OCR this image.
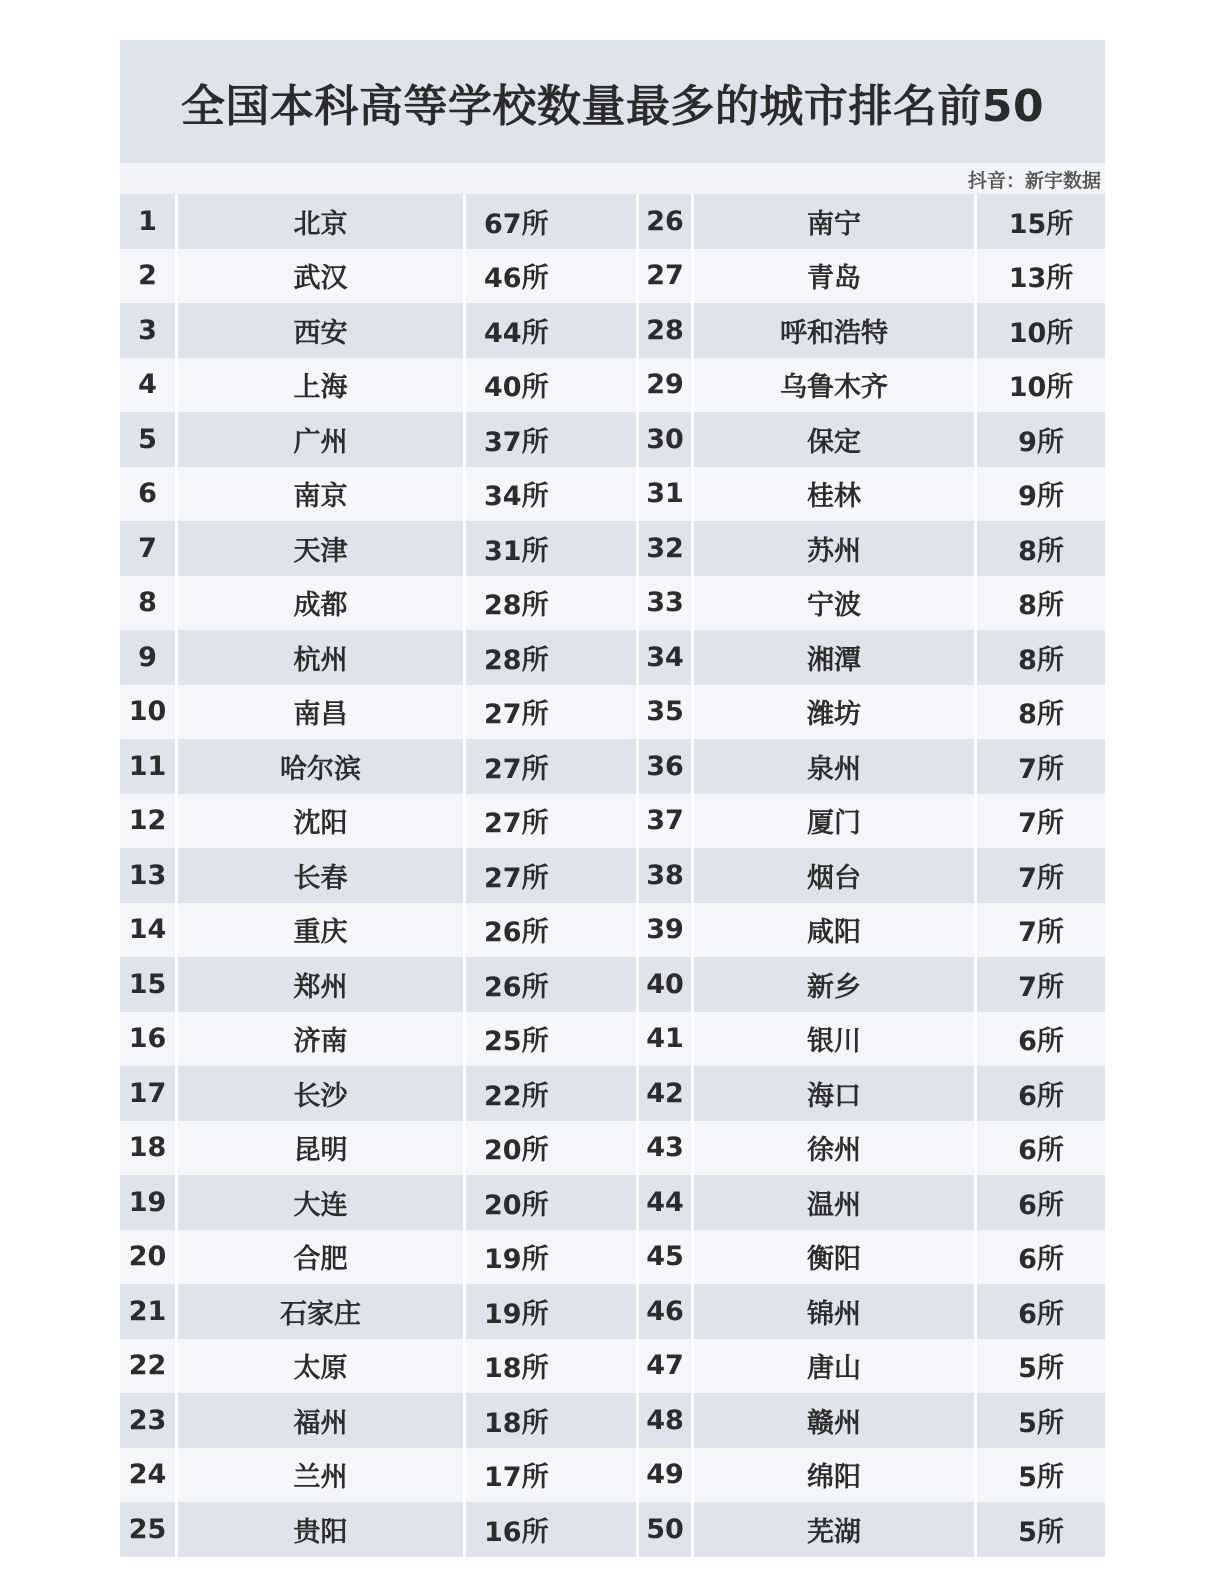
全国本科高等学校数量最多的城市排名前50
抖音：新宇数据
1	北京	67所	26	南宁	15所
2	武汉	46所	27	青岛	13所
3	西安	44所	28	呼和浩特	10所
4	上海	40所	29	乌鲁木齐	10所
5	广州	37所	30	保定	9所
6	南京	34所	31	桂林	9所
7	天津	31所	32	苏州	8所
8	成都	28所	33	宁波	8所
9	杭州	28所	34	湘潭	8所
10	南昌	27所	35	潍坊	8所
11	哈尔滨	27所	36	泉州	7所
12	沈阳	27所	37	厦门	7所
13	长春	27所	38	烟台	7所
14	重庆	26所	39	咸阳	7所
15	郑州	26所	40	新乡	7所
16	济南	25所	41	银川	6所
17	长沙	22所	42	海口	6所
18	昆明	20所	43	徐州	6所
19	大连	20所	44	温州	6所
20	合肥	19所	45	衡阳	6所
21	石家庄	19所	46	锦州	6所
22	太原	18所	47	唐山	5所
23	福州	18所	48	赣州	5所
24	兰州	17所	49	绵阳	5所
25	贵阳	16所	50	芜湖	5所
